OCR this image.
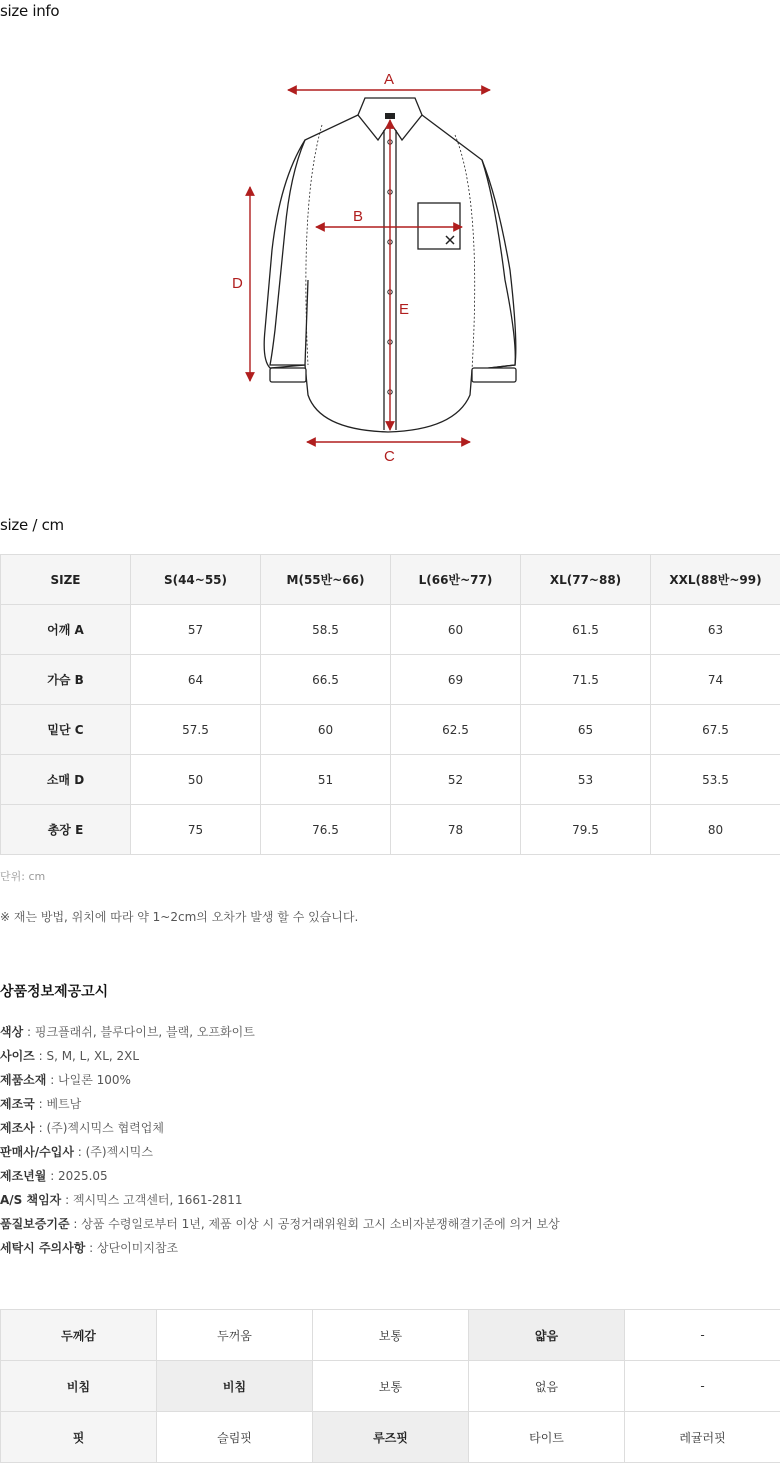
size info
A
B
C
D
E
size / cm
SIZE	S(44~55)	M(55반~66)	L(66반~77)	XL(77~88)	XXL(88반~99)
어깨 A	57	58.5	60	61.5	63
가슴 B	64	66.5	69	71.5	74
밑단 C	57.5	60	62.5	65	67.5
소매 D	50	51	52	53	53.5
총장 E	75	76.5	78	79.5	80
단위: cm
※ 재는 방법, 위치에 따라 약 1~2cm의 오차가 발생 할 수 있습니다.
상품정보제공고시
색상 : 핑크플래쉬, 블루다이브, 블랙, 오프화이트
사이즈 : S, M, L, XL, 2XL
제품소재 : 나일론 100%
제조국 : 베트남
제조사 : (주)젝시믹스 협력업체
판매사/수입사 : (주)젝시믹스
제조년월 : 2025.05
A/S 책임자 : 젝시믹스 고객센터, 1661-2811
품질보증기준 : 상품 수령일로부터 1년, 제품 이상 시 공정거래위원회 고시 소비자분쟁해결기준에 의거 보상
세탁시 주의사항 : 상단이미지참조
두께감	두꺼움	보통	얇음	-
비침	비침	보통	없음	-
핏	슬림핏	루즈핏	타이트	레귤러핏
